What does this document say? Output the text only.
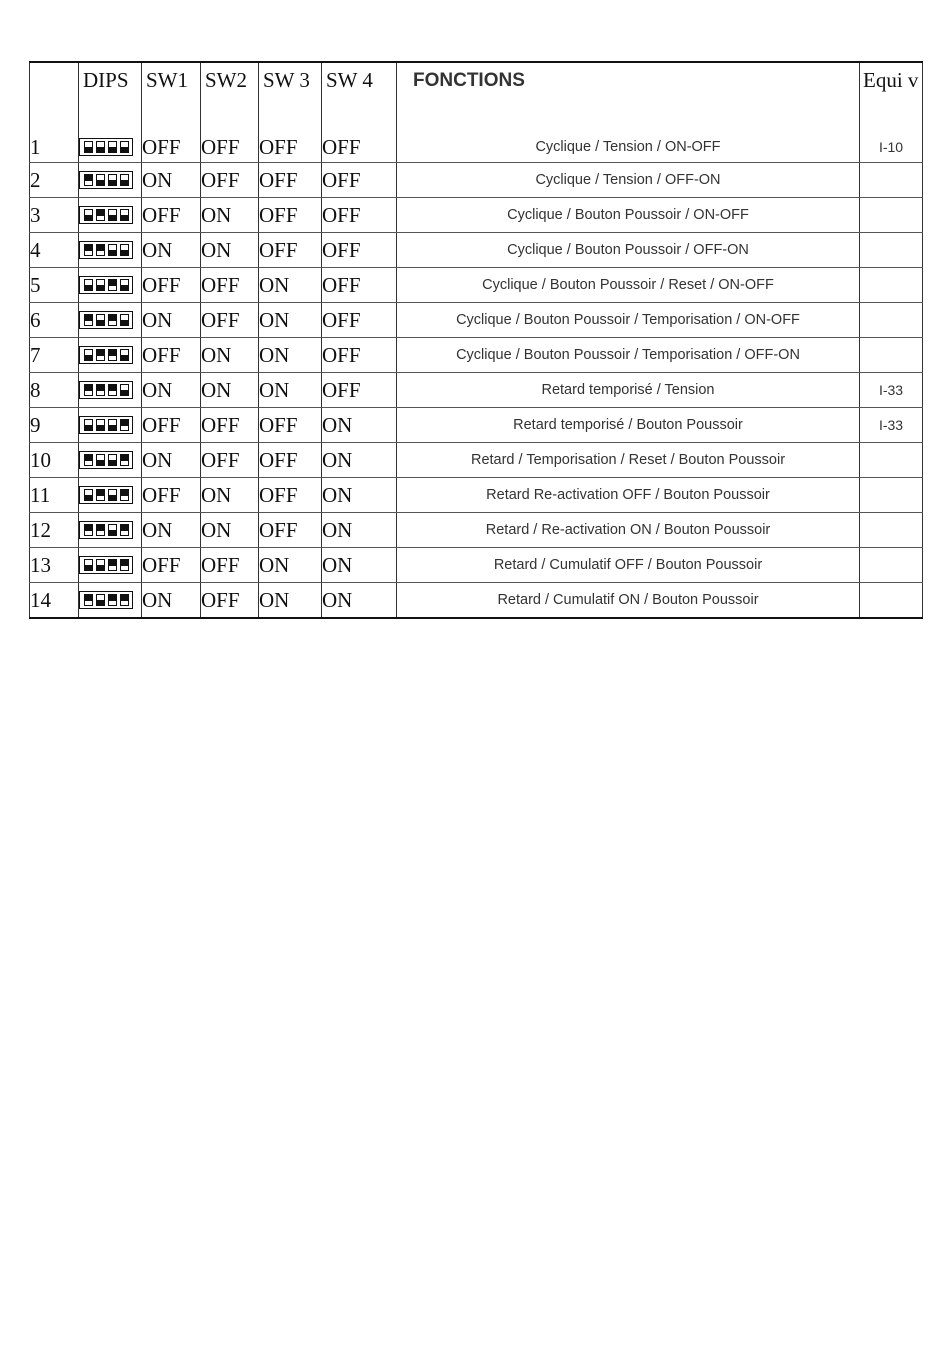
	DIPS	SW1	SW2	SW 3	SW 4	FONCTIONS	Equi v
1		OFF	OFF	OFF	OFF	Cyclique / Tension / ON-OFF	I-10
2		ON	OFF	OFF	OFF	Cyclique / Tension / OFF-ON	
3		OFF	ON	OFF	OFF	Cyclique / Bouton Poussoir / ON-OFF	
4		ON	ON	OFF	OFF	Cyclique / Bouton Poussoir / OFF-ON	
5		OFF	OFF	ON	OFF	Cyclique / Bouton Poussoir / Reset / ON-OFF	
6		ON	OFF	ON	OFF	Cyclique / Bouton Poussoir / Temporisation / ON-OFF	
7		OFF	ON	ON	OFF	Cyclique / Bouton Poussoir / Temporisation / OFF-ON	
8		ON	ON	ON	OFF	Retard temporisé / Tension	I-33
9		OFF	OFF	OFF	ON	Retard temporisé / Bouton Poussoir	I-33
10		ON	OFF	OFF	ON	Retard / Temporisation / Reset / Bouton Poussoir	
11		OFF	ON	OFF	ON	Retard Re-activation OFF / Bouton Poussoir	
12		ON	ON	OFF	ON	Retard / Re-activation ON / Bouton Poussoir	
13		OFF	OFF	ON	ON	Retard / Cumulatif OFF / Bouton Poussoir	
14		ON	OFF	ON	ON	Retard / Cumulatif ON / Bouton Poussoir	
